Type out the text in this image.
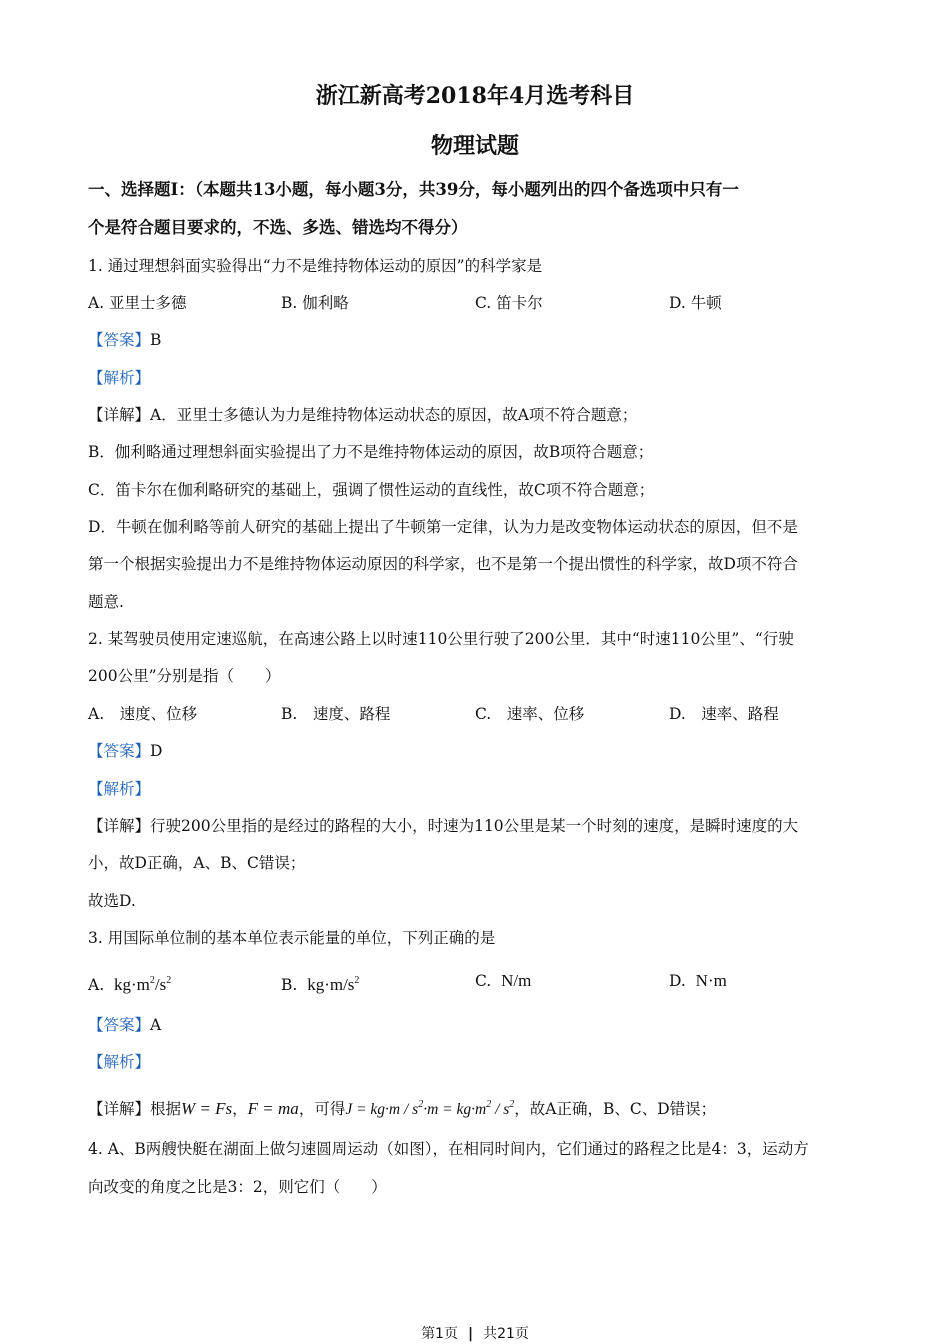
浙江新高考2018年4月选考科目
物理试题
一、选择题Ⅰ：（本题共13小题，每小题3分，共39分，每小题列出的四个备选项中只有一
个是符合题目要求的，不选、多选、错选均不得分）
1. 通过理想斜面实验得出“力不是维持物体运动的原因”的科学家是
A. 亚里士多德	B. 伽利略	C. 笛卡尔	D. 牛顿
【答案】B
【解析】
【详解】A．亚里士多德认为力是维持物体运动状态的原因，故A项不符合题意；
B．伽利略通过理想斜面实验提出了力不是维持物体运动的原因，故B项符合题意；
C．笛卡尔在伽利略研究的基础上，强调了惯性运动的直线性，故C项不符合题意；
D．牛顿在伽利略等前人研究的基础上提出了牛顿第一定律，认为力是改变物体运动状态的原因，但不是
第一个根据实验提出力不是维持物体运动原因的科学家，也不是第一个提出惯性的科学家，故D项不符合
题意.
2. 某驾驶员使用定速巡航，在高速公路上以时速110公里行驶了200公里．其中“时速110公里”、“行驶
200公里”分别是指（　　）
A.　速度、位移	B.　速度、路程	C.　速率、位移	D.　速率、路程
【答案】D
【解析】
【详解】行驶200公里指的是经过的路程的大小，时速为110公里是某一个时刻的速度，是瞬时速度的大
小，故D正确，A、B、C错误；
故选D.
3. 用国际单位制的基本单位表示能量的单位，下列正确的是
A. $kg\cdot m^2/s^2$	B. $kg\cdot m/s^2$	C. N/m	D. N·m
【答案】A
【解析】
【详解】根据W = Fs，F = ma，可得$J = kg\cdot m / s^2\cdot m = kg\cdot m^2 / s^2$，故A正确，B、C、D错误；
4. A、B两艘快艇在湖面上做匀速圆周运动（如图），在相同时间内，它们通过的路程之比是4：3，运动方
向改变的角度之比是3：2，则它们（　　）
第1页 | 共21页
